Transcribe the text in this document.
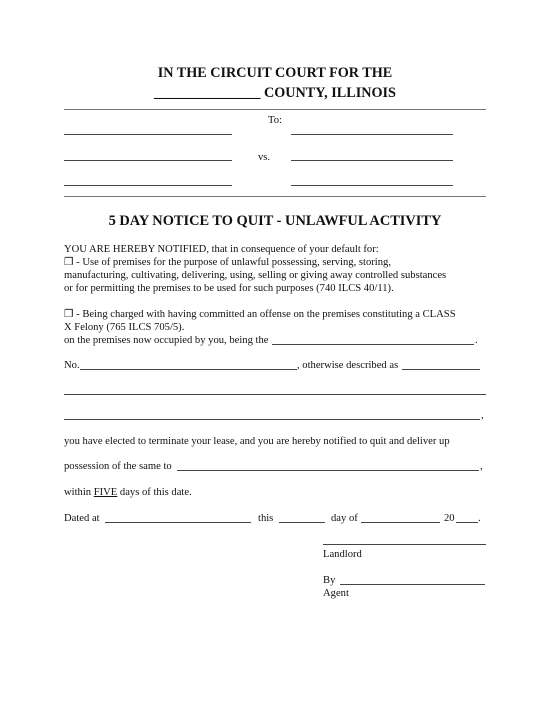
IN THE CIRCUIT COURT FOR THE
_______________ COUNTY, ILLINOIS
To:
vs.
5 DAY NOTICE TO QUIT - UNLAWFUL ACTIVITY
YOU ARE HEREBY NOTIFIED, that in consequence of your default for:
❒ - Use of premises for the purpose of unlawful possessing, serving, storing,
manufacturing, cultivating, delivering, using, selling or giving away controlled substances
or for permitting the premises to be used for such purposes (740 ILCS 40/11).
❒ - Being charged with having committed an offense on the premises constituting a CLASS
X Felony (765 ILCS 705/5).
on the premises now occupied by you, being the	.
No.	, otherwise described as
,
you have elected to terminate your lease, and you are hereby notified to quit and deliver up
possession of the same to	,
within FIVE days of this date.
Dated at	this	day of	20 .
Landlord
By
Agent
